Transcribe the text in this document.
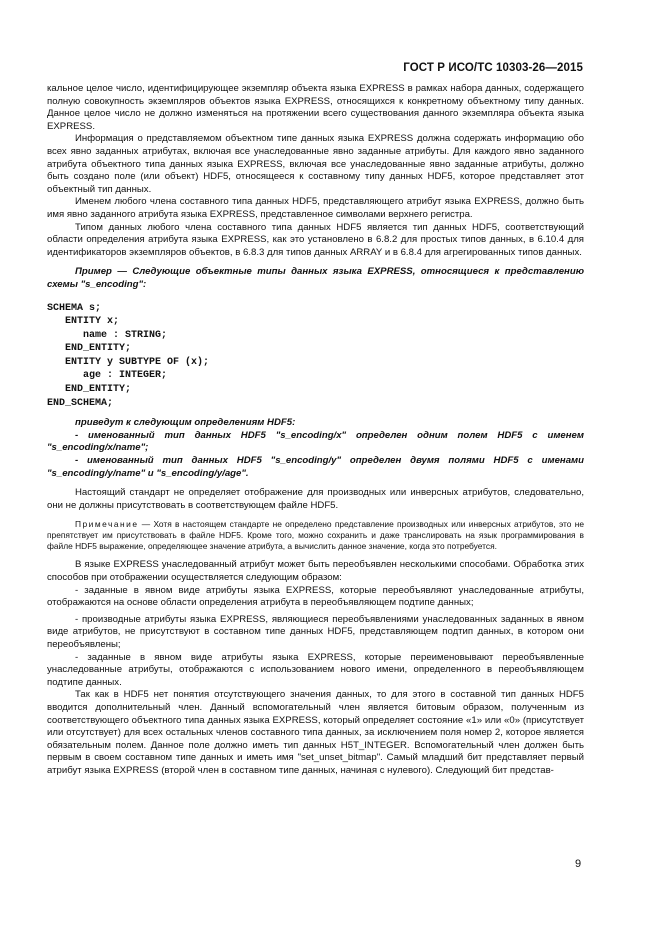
ГОСТ Р ИСО/ТС 10303-26—2015

кальное целое число, идентифицирующее экземпляр объекта языка EXPRESS в рамках набора данных, содержащего полную совокупность экземпляров объектов языка EXPRESS, относящихся к конкретному объектному типу данных. Данное целое число не должно изменяться на протяжении всего существования данного экземпляра объекта языка EXPRESS.

Информация о представляемом объектном типе данных языка EXPRESS должна содержать информацию обо всех явно заданных атрибутах, включая все унаследованные явно заданные атрибуты. Для каждого явно заданного атрибута объектного типа данных языка EXPRESS, включая все унаследованные явно заданные атрибуты, должно быть создано поле (или объект) HDF5, относящееся к составному типу данных HDF5, которое представляет этот объектный тип данных.

Именем любого члена составного типа данных HDF5, представляющего атрибут языка EXPRESS, должно быть имя явно заданного атрибута языка EXPRESS, представленное символами верхнего регистра.

Типом данных любого члена составного типа данных HDF5 является тип данных HDF5, соответствующий области определения атрибута языка EXPRESS, как это установлено в 6.8.2 для простых типов данных, в 6.10.4 для идентификаторов экземпляров объектов, в 6.8.3 для типов данных ARRAY и в 6.8.4 для агрегированных типов данных.

Пример — Следующие объектные типы данных языка EXPRESS, относящиеся к представлению схемы "s_encoding":

SCHEMA s;
ENTITY x;
name : STRING;
END_ENTITY;
ENTITY y SUBTYPE OF (x);
age : INTEGER;
END_ENTITY;
END_SCHEMA;

приведут к следующим определениям HDF5:

- именованный тип данных HDF5 "s_encoding/x" определен одним полем HDF5 с именем "s_encoding/x/name";

- именованный тип данных HDF5 "s_encoding/y" определен двумя полями HDF5 с именами "s_encoding/y/name" и "s_encoding/y/age".

Настоящий стандарт не определяет отображение для производных или инверсных атрибутов, следовательно, они не должны присутствовать в соответствующем файле HDF5.

Примечание — Хотя в настоящем стандарте не определено представление производных или инверсных атрибутов, это не препятствует им присутствовать в файле HDF5. Кроме того, можно сохранить и даже транслировать на язык программирования в файле HDF5 выражение, определяющее значение атрибута, а вычислить данное значение, когда это потребуется.

В языке EXPRESS унаследованный атрибут может быть переобъявлен несколькими способами. Обработка этих способов при отображении осуществляется следующим образом:

- заданные в явном виде атрибуты языка EXPRESS, которые переобъявляют унаследованные атрибуты, отображаются на основе области определения атрибута в переобъявляющем подтипе данных;

- производные атрибуты языка EXPRESS, являющиеся переобъявлениями унаследованных заданных в явном виде атрибутов, не присутствуют в составном типе данных HDF5, представляющем подтип данных, в котором они переобъявлены;

- заданные в явном виде атрибуты языка EXPRESS, которые переименовывают переобъявленные унаследованные атрибуты, отображаются с использованием нового имени, определенного в переобъявляющем подтипе данных.

Так как в HDF5 нет понятия отсутствующего значения данных, то для этого в составной тип данных HDF5 вводится дополнительный член. Данный вспомогательный член является битовым образом, полученным из соответствующего объектного типа данных языка EXPRESS, который определяет состояние «1» или «0» (присутствует или отсутствует) для всех остальных членов составного типа данных, за исключением поля номер 2, которое является обязательным полем. Данное поле должно иметь тип данных H5T_INTEGER. Вспомогательный член должен быть первым в своем составном типе данных и иметь имя "set_unset_bitmap". Самый младший бит представляет первый атрибут языка EXPRESS (второй член в составном типе данных, начиная с нулевого). Следующий бит представ-

9
